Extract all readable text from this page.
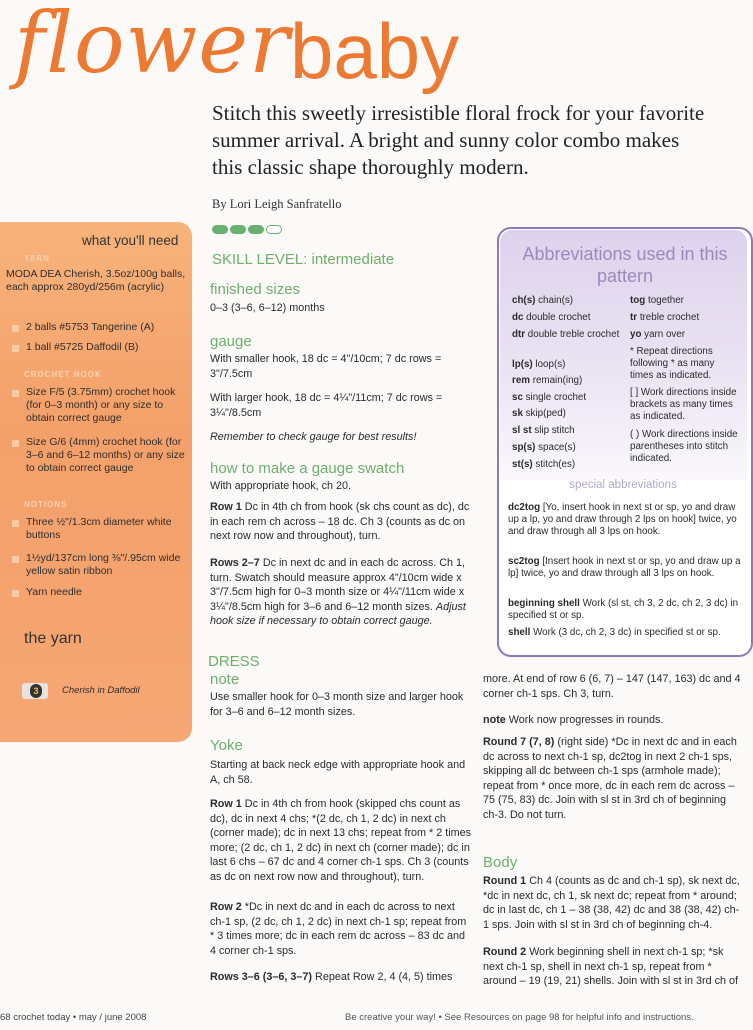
flower baby
Stitch this sweetly irresistible floral frock for your favorite summer arrival. A bright and sunny color combo makes this classic shape thoroughly modern.
By Lori Leigh Sanfratello
what you'll need
YARN
MODA DEA Cherish, 3.5oz/100g balls, each approx 280yd/256m (acrylic)
2 balls #5753 Tangerine (A)
1 ball #5725 Daffodil (B)
CROCHET HOOK
Size F/5 (3.75mm) crochet hook (for 0–3 month) or any size to obtain correct gauge
Size G/6 (4mm) crochet hook (for 3–6 and 6–12 months) or any size to obtain correct gauge
NOTIONS
Three ½"/1.3cm diameter white buttons
1½yd/137cm long ⅜"/.95cm wide yellow satin ribbon
Yarn needle
the yarn
3	Cherish in Daffodil
SKILL LEVEL: intermediate
finished sizes
0–3 (3–6, 6–12) months
gauge
With smaller hook, 18 dc = 4"/10cm; 7 dc rows = 3"/7.5cm
With larger hook, 18 dc = 4¼"/11cm; 7 dc rows = 3¼"/8.5cm
Remember to check gauge for best results!
how to make a gauge swatch
With appropriate hook, ch 20.
Row 1 Dc in 4th ch from hook (sk chs count as dc), dc in each rem ch across – 18 dc. Ch 3 (counts as dc on next row now and throughout), turn.
Rows 2–7 Dc in next dc and in each dc across. Ch 1, turn. Swatch should measure approx 4"/10cm wide x 3"/7.5cm high for 0–3 month size or 4¼"/11cm wide x 3¼"/8.5cm high for 3–6 and 6–12 month sizes. Adjust hook size if necessary to obtain correct gauge.
DRESS
note
Use smaller hook for 0–3 month size and larger hook for 3–6 and 6–12 month sizes.
Yoke
Starting at back neck edge with appropriate hook and A, ch 58.
Row 1 Dc in 4th ch from hook (skipped chs count as dc), dc in next 4 chs; *(2 dc, ch 1, 2 dc) in next ch (corner made); dc in next 13 chs; repeat from * 2 times more; (2 dc, ch 1, 2 dc) in next ch (corner made); dc in last 6 chs – 67 dc and 4 corner ch-1 sps. Ch 3 (counts as dc on next row now and throughout), turn.
Row 2 *Dc in next dc and in each dc across to next ch-1 sp, (2 dc, ch 1, 2 dc) in next ch-1 sp; repeat from * 3 times more; dc in each rem dc across – 83 dc and 4 corner ch-1 sps.
Rows 3–6 (3–6, 3–7) Repeat Row 2, 4 (4, 5) times
Abbreviations used in this pattern
ch(s) chain(s)
dc double crochet
dtr double treble crochet
lp(s) loop(s)
rem remain(ing)
sc single crochet
sk skip(ped)
sl st slip stitch
sp(s) space(s)
st(s) stitch(es)
tog together
tr treble crochet
yo yarn over
* Repeat directions following * as many times as indicated.
[ ] Work directions inside brackets as many times as indicated.
( ) Work directions inside parentheses into stitch indicated.
special abbreviations
dc2tog [Yo, insert hook in next st or sp, yo and draw up a lp, yo and draw through 2 lps on hook] twice, yo and draw through all 3 lps on hook.
sc2tog [Insert hook in next st or sp, yo and draw up a lp] twice, yo and draw through all 3 lps on hook.
beginning shell Work (sl st, ch 3, 2 dc, ch 2, 3 dc) in specified st or sp.
shell Work (3 dc, ch 2, 3 dc) in specified st or sp.
more. At end of row 6 (6, 7) – 147 (147, 163) dc and 4 corner ch-1 sps. Ch 3, turn.
note Work now progresses in rounds.
Round 7 (7, 8) (right side) *Dc in next dc and in each dc across to next ch-1 sp, dc2tog in next 2 ch-1 sps, skipping all dc between ch-1 sps (armhole made); repeat from * once more, dc in each rem dc across – 75 (75, 83) dc. Join with sl st in 3rd ch of beginning ch-3. Do not turn.
Body
Round 1 Ch 4 (counts as dc and ch-1 sp), sk next dc, *dc in next dc, ch 1, sk next dc; repeat from * around; dc in last dc, ch 1 – 38 (38, 42) dc and 38 (38, 42) ch-1 sps. Join with sl st in 3rd ch of beginning ch-4.
Round 2 Work beginning shell in next ch-1 sp; *sk next ch-1 sp, shell in next ch-1 sp, repeat from * around – 19 (19, 21) shells. Join with sl st in 3rd ch of
68 crochet today • may / june 2008	Be creative your way! • See Resources on page 98 for helpful info and instructions.
